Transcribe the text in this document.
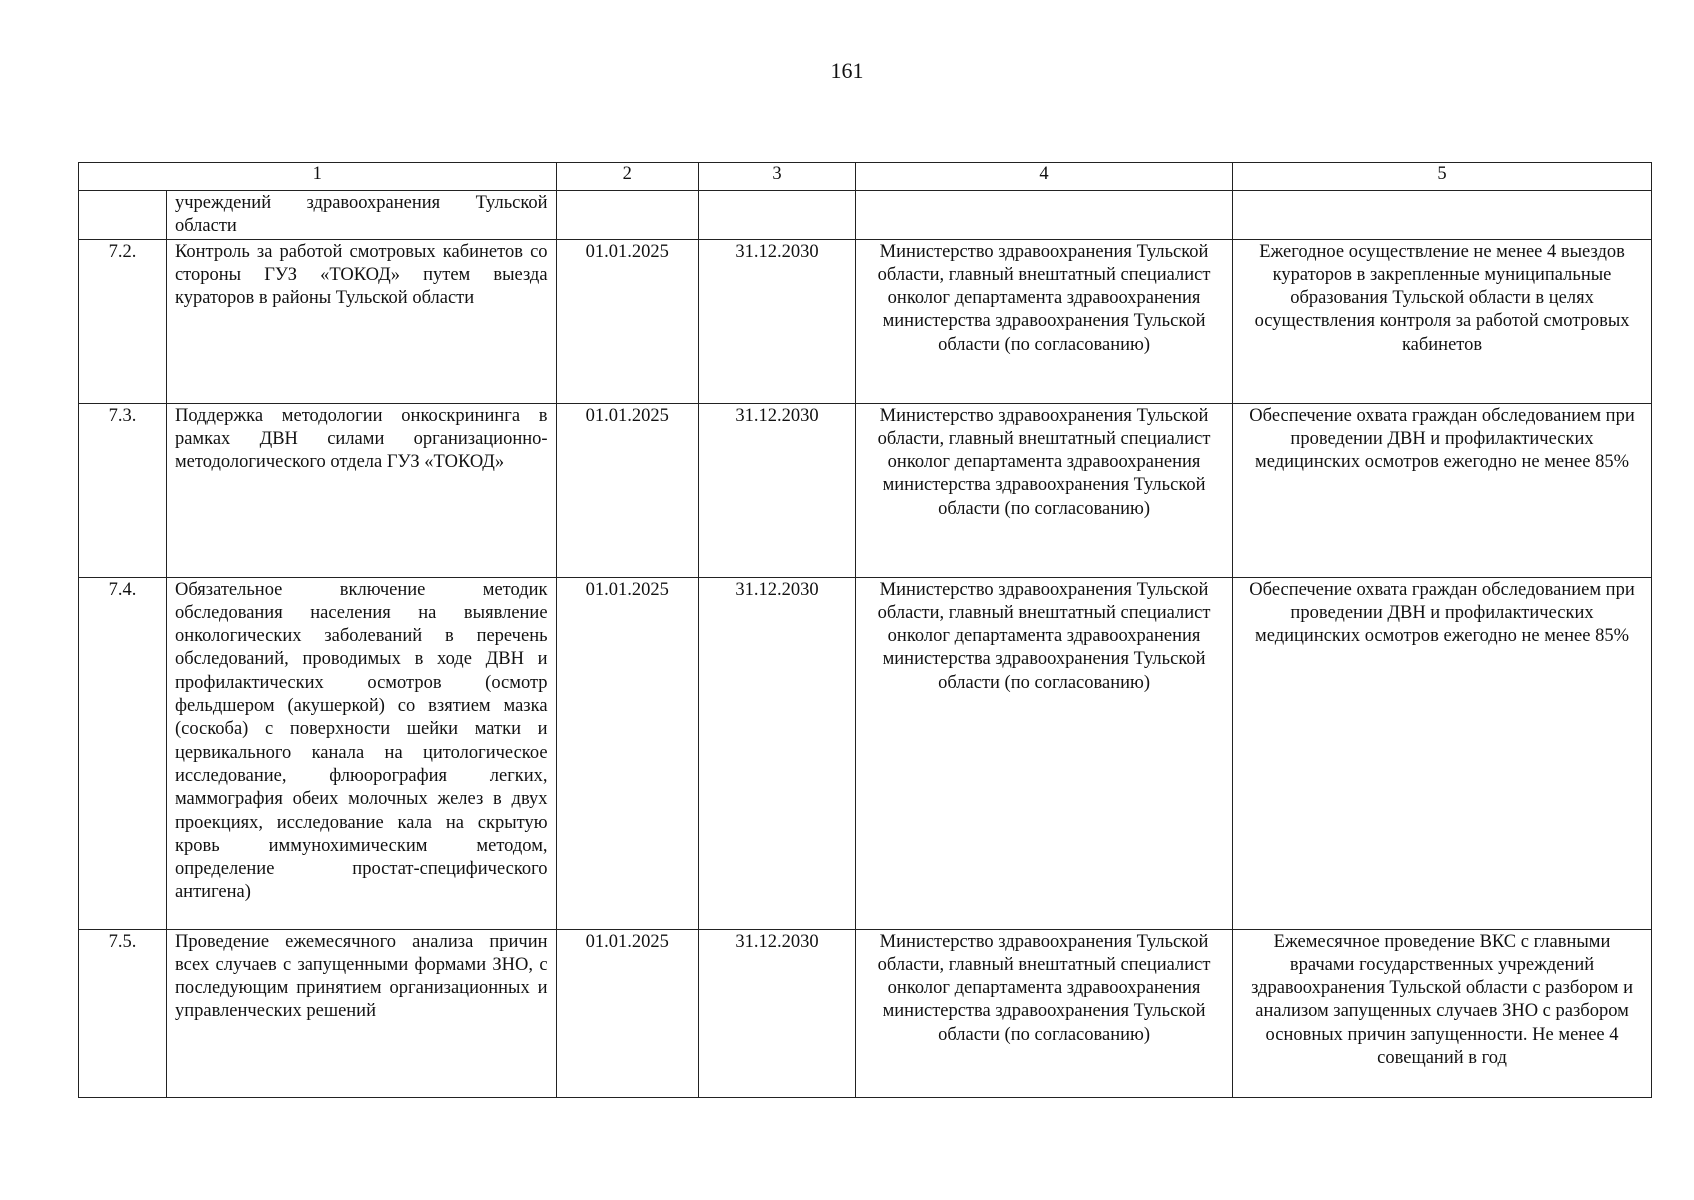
161
1		2	3	4	5
	учреждений здравоохранения Тульской области				
7.2.	Контроль за работой смотровых кабинетов со стороны ГУЗ «ТОКОД» путем выезда кураторов в районы Тульской области	01.01.2025	31.12.2030	Министерство здравоохранения Тульской области, главный внештатный специалист онколог департамента здравоохранения министерства здравоохранения Тульской области (по согласованию)	Ежегодное осуществление не менее 4 выездов кураторов в закрепленные муниципальные образования Тульской области в целях осуществления контроля за работой смотровых кабинетов
7.3.	Поддержка методологии онкоскрининга в рамках ДВН силами организационно-методологического отдела ГУЗ «ТОКОД»	01.01.2025	31.12.2030	Министерство здравоохранения Тульской области, главный внештатный специалист онколог департамента здравоохранения министерства здравоохранения Тульской области (по согласованию)	Обеспечение охвата граждан обследованием при проведении ДВН и профилактических медицинских осмотров ежегодно не менее 85%
7.4.	Обязательное включение методик обследования населения на выявление онкологических заболеваний в перечень обследований, проводимых в ходе ДВН и профилактических осмотров (осмотр фельдшером (акушеркой) со взятием мазка (соскоба) с поверхности шейки матки и цервикального канала на цитологическое исследование, флюорография легких, маммография обеих молочных желез в двух проекциях, исследование кала на скрытую кровь иммунохимическим методом, определение простат-специфического антигена)	01.01.2025	31.12.2030	Министерство здравоохранения Тульской области, главный внештатный специалист онколог департамента здравоохранения министерства здравоохранения Тульской области (по согласованию)	Обеспечение охвата граждан обследованием при проведении ДВН и профилактических медицинских осмотров ежегодно не менее 85%
7.5.	Проведение ежемесячного анализа причин всех случаев с запущенными формами ЗНО, с последующим принятием организационных и управленческих решений	01.01.2025	31.12.2030	Министерство здравоохранения Тульской области, главный внештатный специалист онколог департамента здравоохранения министерства здравоохранения Тульской области (по согласованию)	Ежемесячное проведение ВКС с главными врачами государственных учреждений здравоохранения Тульской области с разбором и анализом запущенных случаев ЗНО с разбором основных причин запущенности. Не менее 4 совещаний в год
